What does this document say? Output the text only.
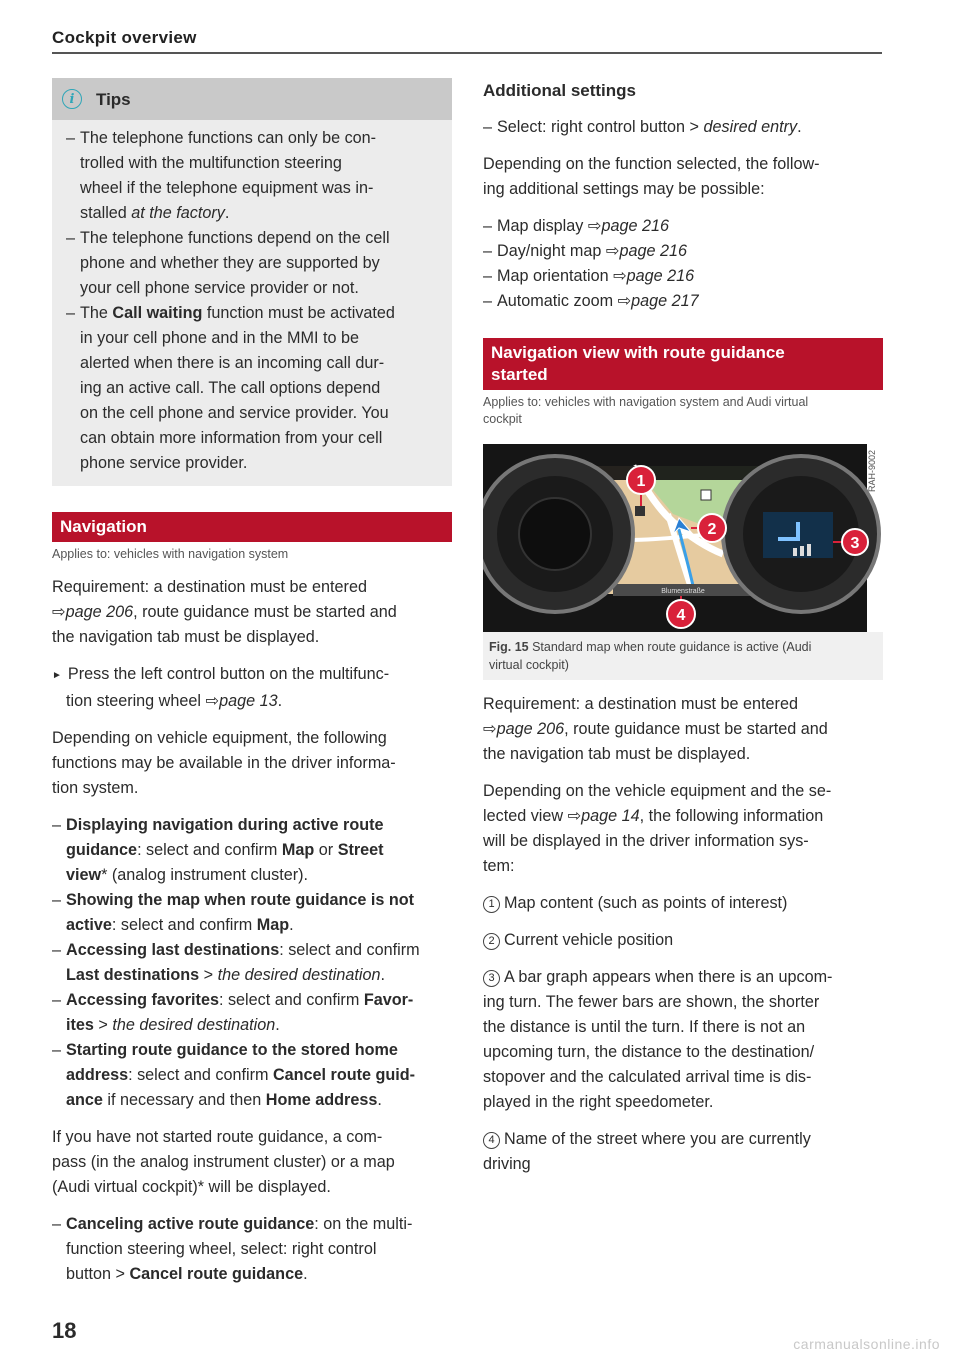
Cockpit overview
i	Tips
– The telephone functions can only be con-
trolled with the multifunction steering
wheel if the telephone equipment was in-
stalled at the factory.
– The telephone functions depend on the cell
phone and whether they are supported by
your cell phone service provider or not.
– The Call waiting function must be activated
in your cell phone and in the MMI to be
alerted when there is an incoming call dur-
ing an active call. The call options depend
on the cell phone and service provider. You
can obtain more information from your cell
phone service provider.
Navigation
Applies to: vehicles with navigation system

Requirement: a destination must be entered
⇨page 206, route guidance must be started and
the navigation tab must be displayed.

► Press the left control button on the multifunc-

tion steering wheel ⇨page 13.

Depending on vehicle equipment, the following
functions may be available in the driver informa-
tion system.

– Displaying navigation during active route
guidance: select and confirm Map or Street
view* (analog instrument cluster).
– Showing the map when route guidance is not
active: select and confirm Map.
– Accessing last destinations: select and confirm
Last destinations > the desired destination.
– Accessing favorites: select and confirm Favor-
ites > the desired destination.
– Starting route guidance to the stored home
address: select and confirm Cancel route guid-
ance if necessary and then Home address.

If you have not started route guidance, a com-
pass (in the analog instrument cluster) or a map
(Audi virtual cockpit)* will be displayed.

– Canceling active route guidance: on the multi-
function steering wheel, select: right control
button > Cancel route guidance.
Additional settings
– Select: right control button > desired entry.

Depending on the function selected, the follow-
ing additional settings may be possible:

– Map display ⇨page 216
– Day/night map ⇨page 216
– Map orientation ⇨page 216
– Automatic zoom ⇨page 217
Navigation view with route guidance
started
Applies to: vehicles with navigation system and Audi virtual
cockpit
RAH-9002
Blumenstraße
1
2
3
4
Fig. 15 Standard map when route guidance is active (Audi
virtual cockpit)

Requirement: a destination must be entered
⇨page 206, route guidance must be started and
the navigation tab must be displayed.

Depending on the vehicle equipment and the se-
lected view ⇨page 14, the following information
will be displayed in the driver information sys-
tem:

1 Map content (such as points of interest)

2 Current vehicle position

3 A bar graph appears when there is an upcom-
ing turn. The fewer bars are shown, the shorter
the distance is until the turn. If there is not an
upcoming turn, the distance to the destination/
stopover and the calculated arrival time is dis-
played in the right speedometer.

4 Name of the street where you are currently
driving

18
carmanualsonline.info
